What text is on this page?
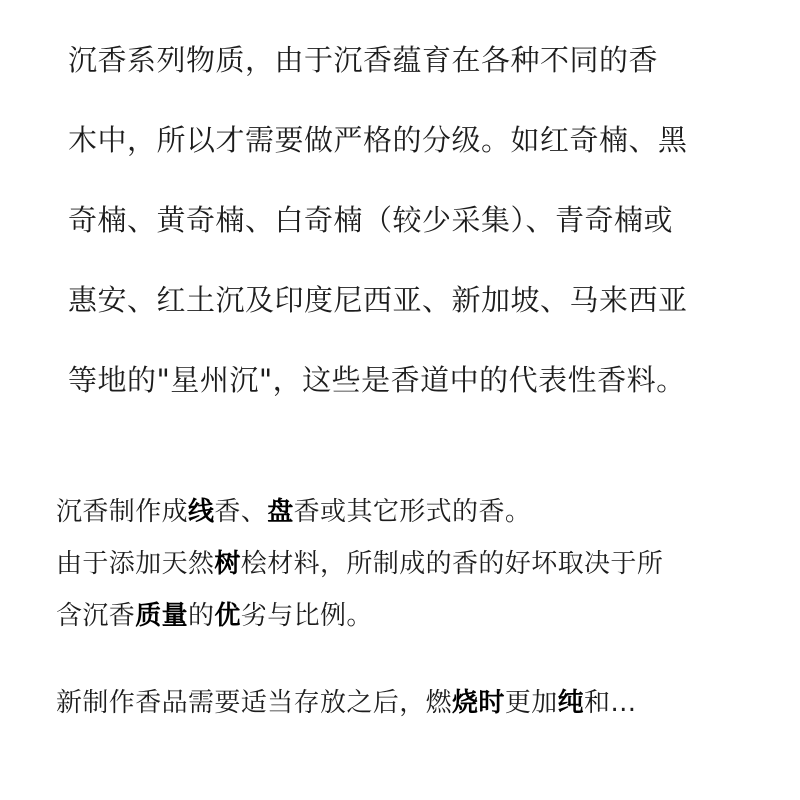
沉香系列物质，由于沉香蕴育在各种不同的香
木中，所以才需要做严格的分级。如红奇楠、黑
奇楠、黄奇楠、白奇楠（较少采集）、青奇楠或
惠安、红土沉及印度尼西亚、新加坡、马来西亚
等地的"星州沉"，这些是香道中的代表性香料。
沉香制作成线香、盘香或其它形式的香。
由于添加天然树桧材料，所制成的香的好坏取决于所
含沉香质量的优劣与比例。
新制作香品需要适当存放之后，燃烧时更加纯和...
